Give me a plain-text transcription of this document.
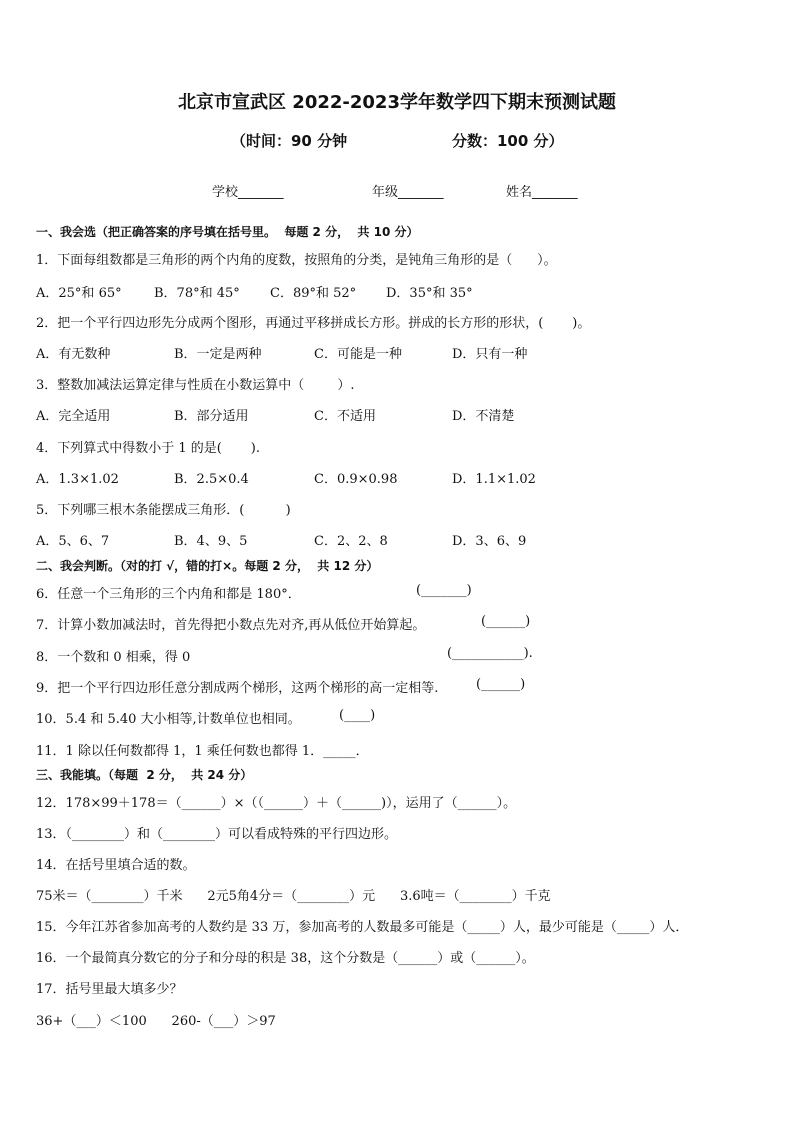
北京市宣武区 2022-2023学年数学四下期末预测试题
（时间：90 分钟	分数：100 分）
学校_______	年级_______	姓名_______
一、我会选（把正确答案的序号填在括号里。  每题 2 分，  共 10 分）
1．下面每组数都是三角形的两个内角的度数，按照角的分类，是钝角三角形的是（      ）。
A．25°和 65° B．78°和 45° C．89°和 52° D．35°和 35°
2．把一个平行四边形先分成两个图形，再通过平移拼成长方形。拼成的长方形的形状，(       )。
A．有无数种	B．一定是两种	C．可能是一种	D．只有一种
3．整数加减法运算定律与性质在小数运算中（        ）.
A．完全适用	B．部分适用	C．不适用	D．不清楚
4．下列算式中得数小于 1 的是(       ).
A．1.3×1.02	B．2.5×0.4	C．0.9×0.98	D．1.1×1.02
5．下列哪三根木条能摆成三角形．(          )
A．5、6、7	B．4、9、5	C．2、2、8	D．3、6、9
二、我会判断。（对的打 √，错的打×。每题 2 分，  共 12 分）
6．任意一个三角形的三个内角和都是 180°．	(_______)
7．计算小数加减法时，首先得把小数点先对齐,再从低位开始算起。	(______)
8．一个数和 0 相乘，得 0	(___________).
9．把一个平行四边形任意分割成两个梯形，这两个梯形的高一定相等.	(______)
10．5.4 和 5.40 大小相等,计数单位也相同。	(____)
11．1 除以任何数都得 1，1 乘任何数也都得 1．_____．
三、我能填。（每题  2 分，  共 24 分）
12．178×99＋178＝（______）×（（______）＋（______)），运用了（______）。
13．（________）和（________）可以看成特殊的平行四边形。
14．在括号里填合适的数。
75米＝（________）千米      2元5角4分＝（________）元      3.6吨＝（________）千克
15．今年江苏省参加高考的人数约是 33 万，参加高考的人数最多可能是（_____）人，最少可能是（_____）人．
16．一个最简真分数它的分子和分母的积是 38，这个分数是（______）或（______）。
17．括号里最大填多少？
36+（___）＜100      260-（___）＞97
